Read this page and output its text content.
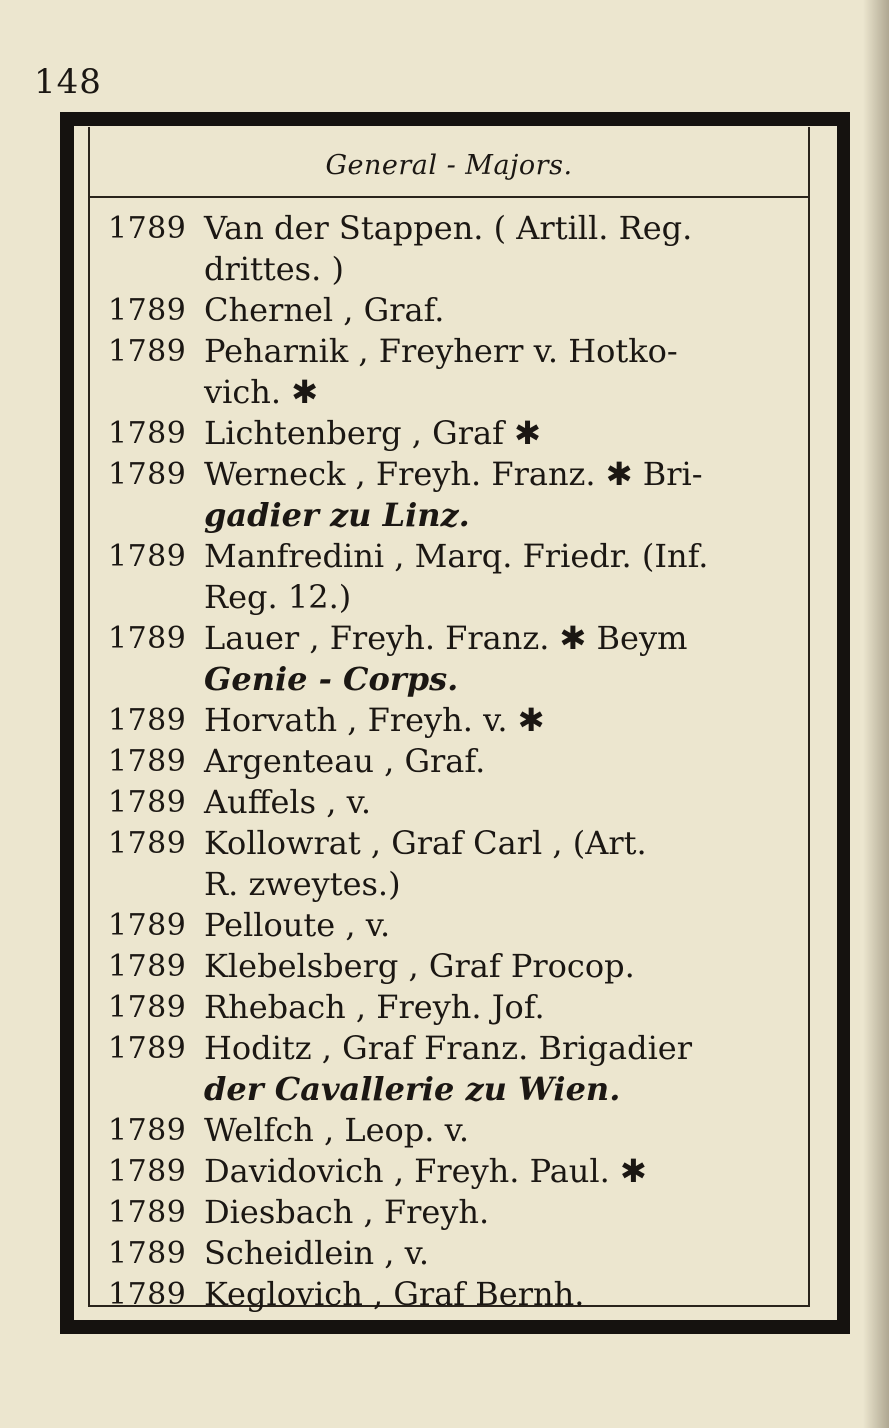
148
General - Majors.
1789 Van der Stappen. ( Artill. Reg.
drittes. )
1789 Chernel , Graf.
1789 Peharnik , Freyherr v. Hotko-
vich. ✱
1789 Lichtenberg , Graf ✱
1789 Werneck , Freyh. Franz. ✱ Bri-
gadier zu Linz.
1789 Manfredini , Marq. Friedr. (Inf.
Reg. 12.)
1789 Lauer , Freyh. Franz. ✱ Beym
Genie - Corps.
1789 Horvath , Freyh. v. ✱
1789 Argenteau , Graf.
1789 Auffels , v.
1789 Kollowrat , Graf Carl , (Art.
R. zweytes.)
1789 Pelloute , v.
1789 Klebelsberg , Graf Procop.
1789 Rhebach , Freyh. Jof.
1789 Hoditz , Graf Franz. Brigadier
der Cavallerie zu Wien.
1789 Welfch , Leop. v.
1789 Davidovich , Freyh. Paul. ✱
1789 Diesbach , Freyh.
1789 Scheidlein , v.
1789 Keglovich , Graf Bernh.
